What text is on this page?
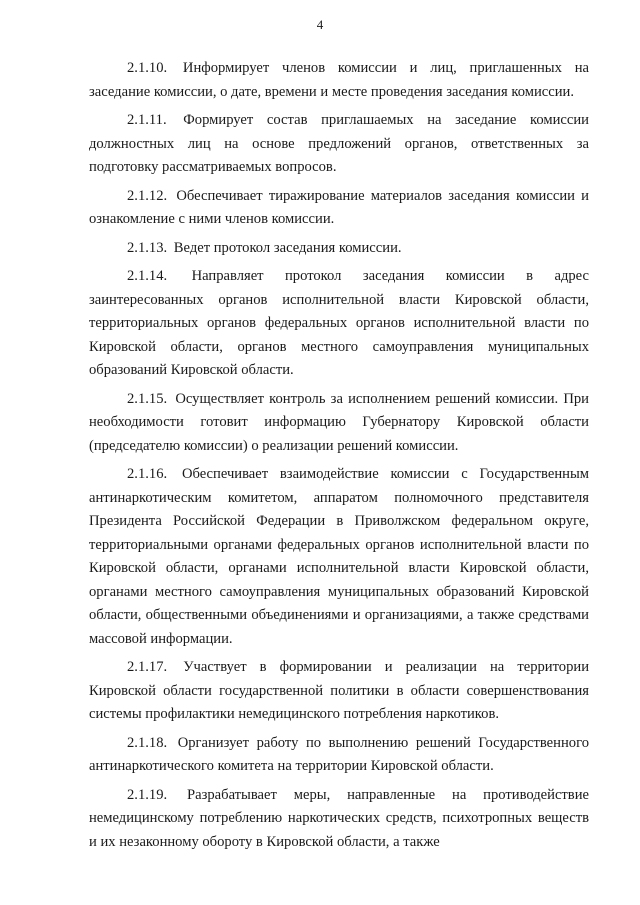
4

2.1.10. Информирует членов комиссии и лиц, приглашенных на заседание комиссии, о дате, времени и месте проведения заседания комиссии.

2.1.11. Формирует состав приглашаемых на заседание комиссии должностных лиц на основе предложений органов, ответственных за подготовку рассматриваемых вопросов.

2.1.12. Обеспечивает тиражирование материалов заседания комиссии и ознакомление с ними членов комиссии.

2.1.13. Ведет протокол заседания комиссии.

2.1.14. Направляет протокол заседания комиссии в адрес заинтересованных органов исполнительной власти Кировской области, территориальных органов федеральных органов исполнительной власти по Кировской области, органов местного самоуправления муниципальных образований Кировской области.

2.1.15. Осуществляет контроль за исполнением решений комиссии. При необходимости готовит информацию Губернатору Кировской области (председателю комиссии) о реализации решений комиссии.

2.1.16. Обеспечивает взаимодействие комиссии с Государственным антинаркотическим комитетом, аппаратом полномочного представителя Президента Российской Федерации в Приволжском федеральном округе, территориальными органами федеральных органов исполнительной власти по Кировской области, органами исполнительной власти Кировской области, органами местного самоуправления муниципальных образований Кировской области, общественными объединениями и организациями, а также средствами массовой информации.

2.1.17. Участвует в формировании и реализации на территории Кировской области государственной политики в области совершенствования системы профилактики немедицинского потребления наркотиков.

2.1.18. Организует работу по выполнению решений Государственного антинаркотического комитета на территории Кировской области.

2.1.19. Разрабатывает меры, направленные на противодействие немедицинскому потреблению наркотических средств, психотропных веществ и их незаконному обороту в Кировской области, а также
